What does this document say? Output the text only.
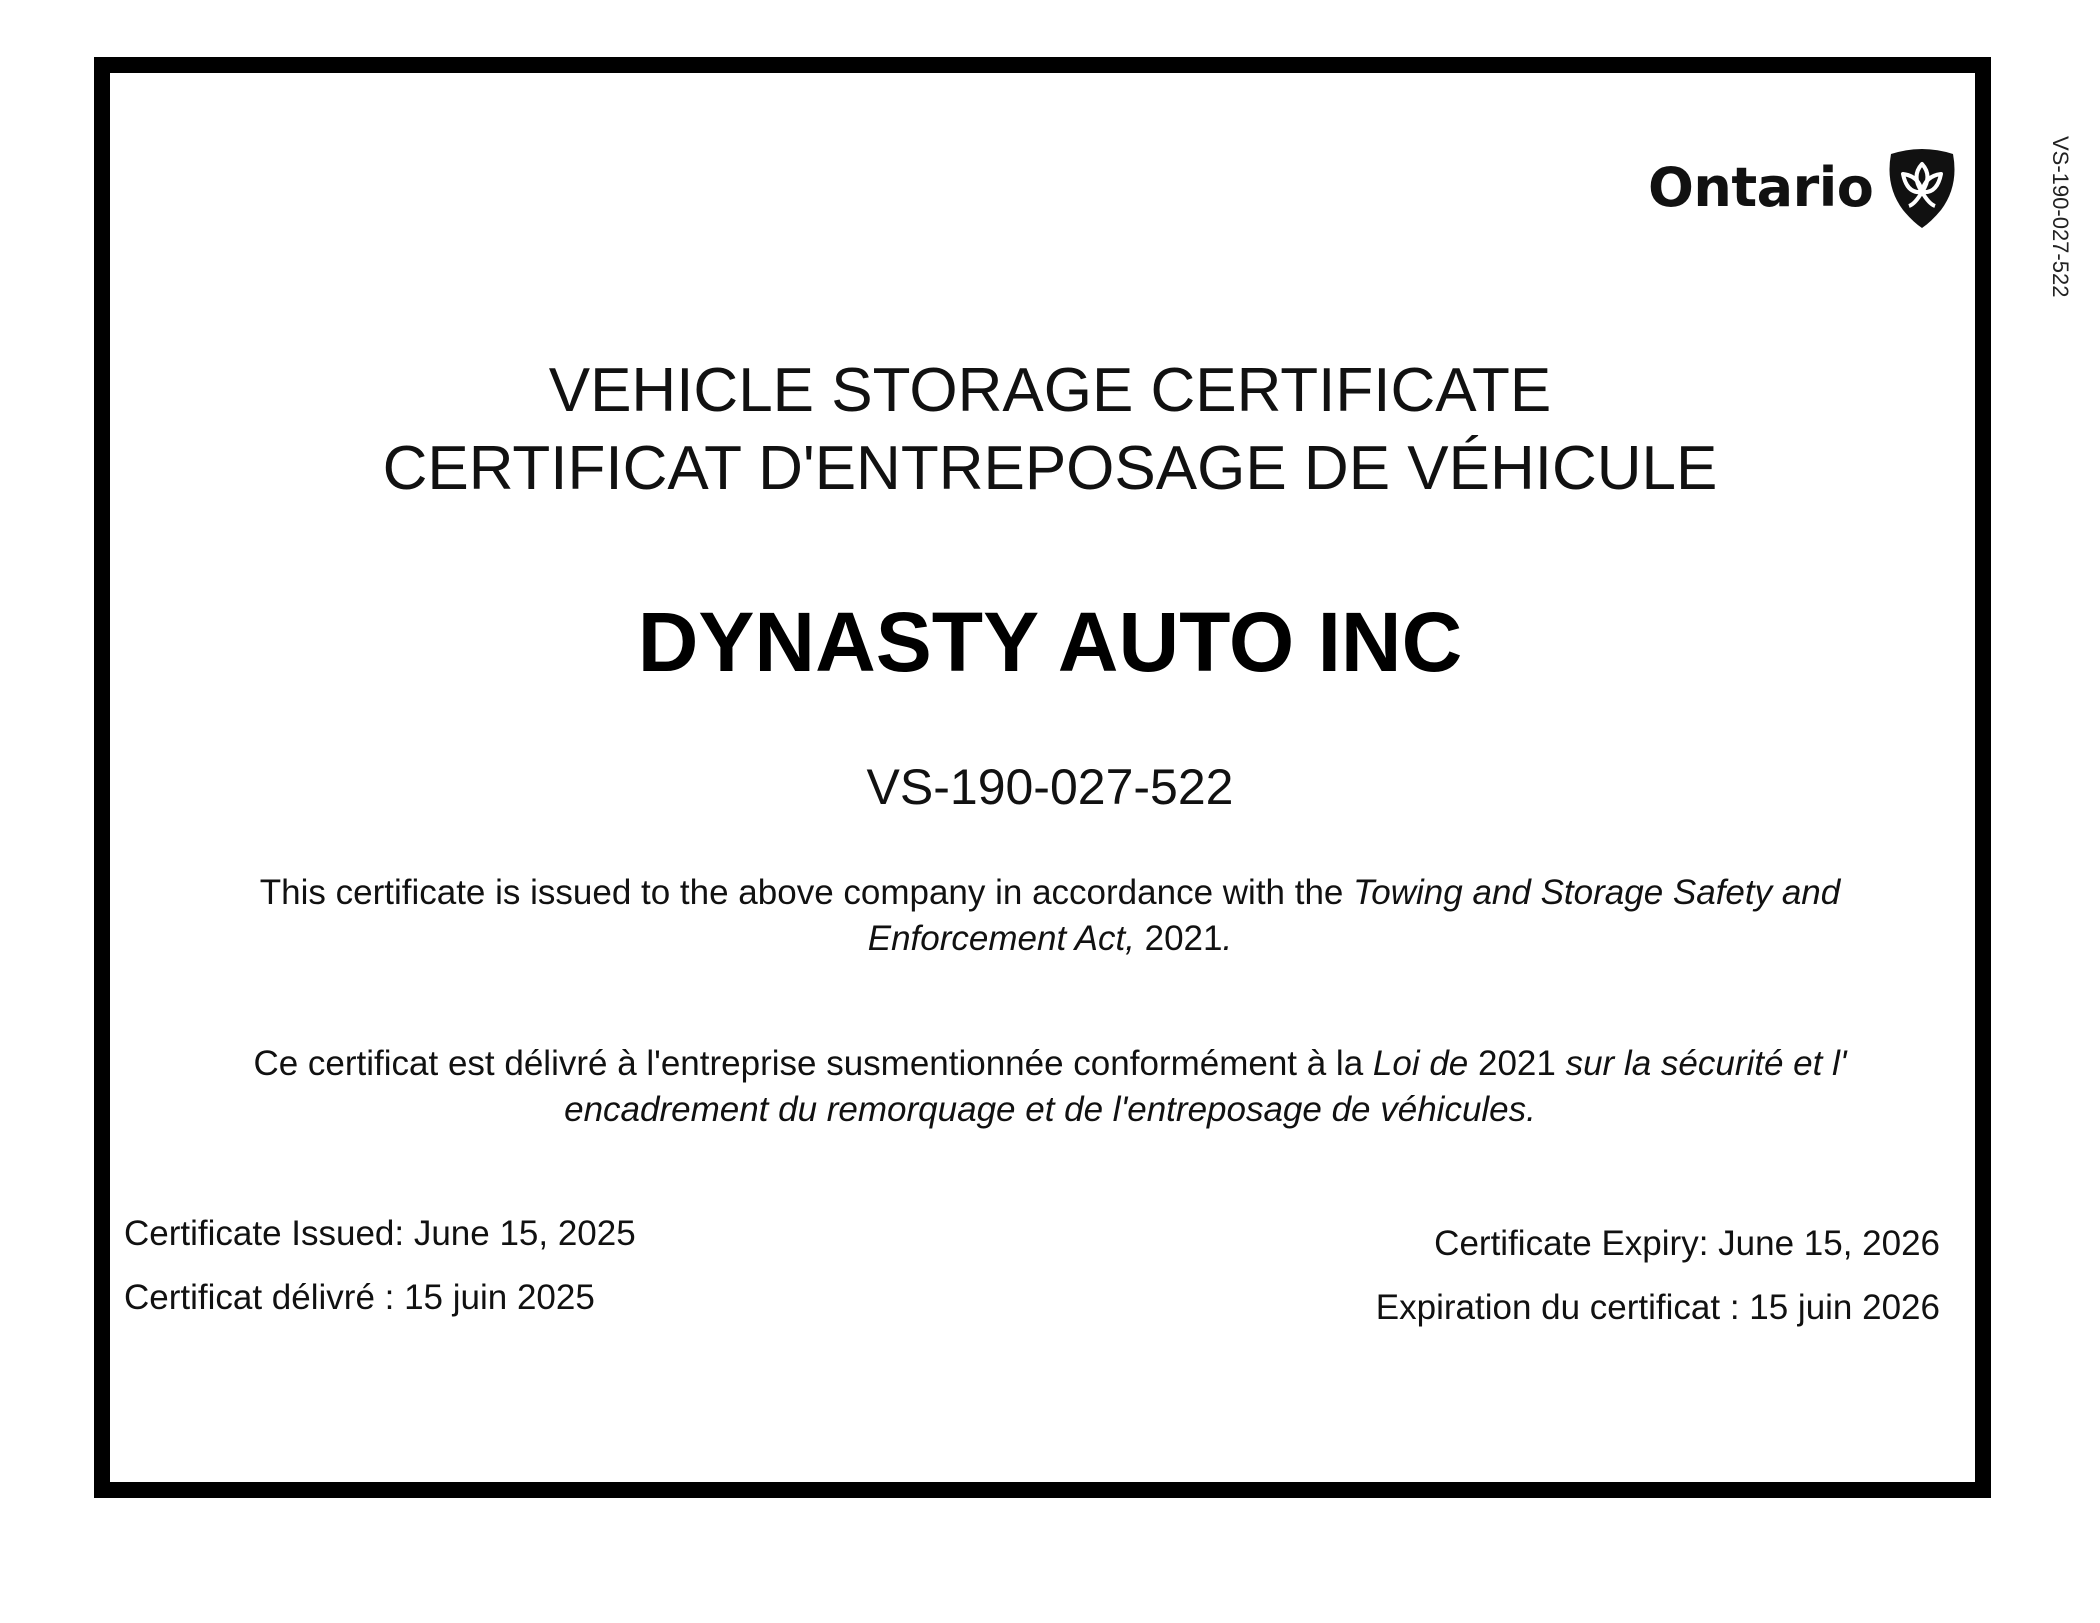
VS-190-027-522
Ontario
VEHICLE STORAGE CERTIFICATE
CERTIFICAT D'ENTREPOSAGE DE VÉHICULE
DYNASTY AUTO INC
VS-190-027-522
This certificate is issued to the above company in accordance with the Towing and Storage Safety and Enforcement Act, 2021.
Ce certificat est délivré à l'entreprise susmentionnée conformément à la Loi de 2021 sur la sécurité et l' encadrement du remorquage et de l'entreposage de véhicules.
Certificate Issued: June 15, 2025
Certificat délivré : 15 juin 2025
Certificate Expiry: June 15, 2026
Expiration du certificat : 15 juin 2026
